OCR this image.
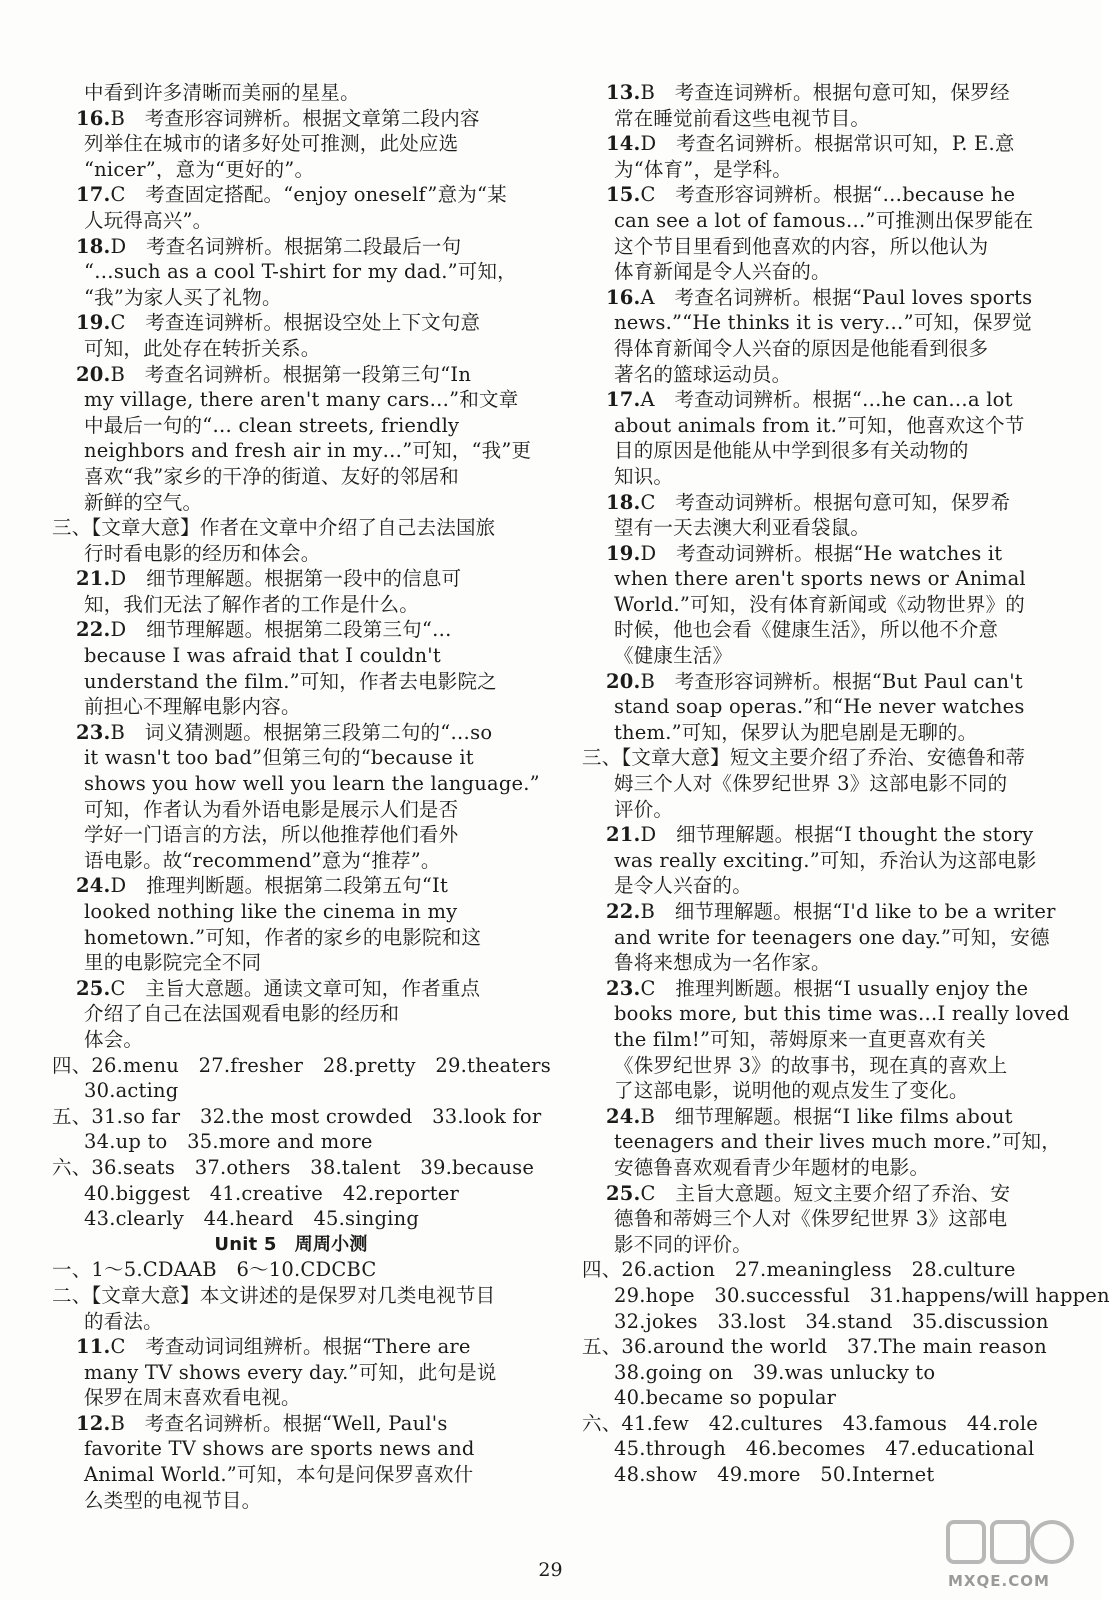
中看到许多清晰而美丽的星星。
16.B　考查形容词辨析。根据文章第二段内容
列举住在城市的诸多好处可推测，此处应选
“nicer”，意为“更好的”。
17.C　考查固定搭配。“enjoy oneself”意为“某
人玩得高兴”。
18.D　考查名词辨析。根据第二段最后一句
“…such as a cool T-shirt for my dad.”可知，
“我”为家人买了礼物。
19.C　考查连词辨析。根据设空处上下文句意
可知，此处存在转折关系。
20.B　考查名词辨析。根据第一段第三句“In
my village, there aren't many cars…”和文章
中最后一句的“… clean streets, friendly
neighbors and fresh air in my…”可知，“我”更
喜欢“我”家乡的干净的街道、友好的邻居和
新鲜的空气。
三、【文章大意】作者在文章中介绍了自己去法国旅
行时看电影的经历和体会。
21.D　细节理解题。根据第一段中的信息可
知，我们无法了解作者的工作是什么。
22.D　细节理解题。根据第二段第三句“…
because I was afraid that I couldn't
understand the film.”可知，作者去电影院之
前担心不理解电影内容。
23.B　词义猜测题。根据第三段第二句的“…so
it wasn't too bad”但第三句的“because it
shows you how well you learn the language.”
可知，作者认为看外语电影是展示人们是否
学好一门语言的方法，所以他推荐他们看外
语电影。故“recommend”意为“推荐”。
24.D　推理判断题。根据第二段第五句“It
looked nothing like the cinema in my
hometown.”可知，作者的家乡的电影院和这
里的电影院完全不同
25.C　主旨大意题。通读文章可知，作者重点
介绍了自己在法国观看电影的经历和
体会。
四、26.menu　27.fresher　28.pretty　29.theaters
30.acting
五、31.so far　32.the most crowded　33.look for
34.up to　35.more and more
六、36.seats　37.others　38.talent　39.because
40.biggest　41.creative　42.reporter
43.clearly　44.heard　45.singing
Unit 5　周周小测
一、1～5.CDAAB　6～10.CDCBC
二、【文章大意】本文讲述的是保罗对几类电视节目
的看法。
11.C　考查动词词组辨析。根据“There are
many TV shows every day.”可知，此句是说
保罗在周末喜欢看电视。
12.B　考查名词辨析。根据“Well, Paul's
favorite TV shows are sports news and
Animal World.”可知，本句是问保罗喜欢什
么类型的电视节目。
13.B　考查连词辨析。根据句意可知，保罗经
常在睡觉前看这些电视节目。
14.D　考查名词辨析。根据常识可知，P. E.意
为“体育”，是学科。
15.C　考查形容词辨析。根据“…because he
can see a lot of famous…”可推测出保罗能在
这个节目里看到他喜欢的内容，所以他认为
体育新闻是令人兴奋的。
16.A　考查名词辨析。根据“Paul loves sports
news.”“He thinks it is very…”可知，保罗觉
得体育新闻令人兴奋的原因是他能看到很多
著名的篮球运动员。
17.A　考查动词辨析。根据“…he can…a lot
about animals from it.”可知，他喜欢这个节
目的原因是他能从中学到很多有关动物的
知识。
18.C　考查动词辨析。根据句意可知，保罗希
望有一天去澳大利亚看袋鼠。
19.D　考查动词辨析。根据“He watches it
when there aren't sports news or Animal
World.”可知，没有体育新闻或《动物世界》的
时候，他也会看《健康生活》，所以他不介意
《健康生活》
20.B　考查形容词辨析。根据“But Paul can't
stand soap operas.”和“He never watches
them.”可知，保罗认为肥皂剧是无聊的。
三、【文章大意】短文主要介绍了乔治、安德鲁和蒂
姆三个人对《侏罗纪世界 3》这部电影不同的
评价。
21.D　细节理解题。根据“I thought the story
was really exciting.”可知，乔治认为这部电影
是令人兴奋的。
22.B　细节理解题。根据“I'd like to be a writer
and write for teenagers one day.”可知，安德
鲁将来想成为一名作家。
23.C　推理判断题。根据“I usually enjoy the
books more, but this time was…I really loved
the film!”可知，蒂姆原来一直更喜欢有关
《侏罗纪世界 3》的故事书，现在真的喜欢上
了这部电影，说明他的观点发生了变化。
24.B　细节理解题。根据“I like films about
teenagers and their lives much more.”可知，
安德鲁喜欢观看青少年题材的电影。
25.C　主旨大意题。短文主要介绍了乔治、安
德鲁和蒂姆三个人对《侏罗纪世界 3》这部电
影不同的评价。
四、26.action　27.meaningless　28.culture
29.hope　30.successful　31.happens/will happen
32.jokes　33.lost　34.stand　35.discussion
五、36.around the world　37.The main reason
38.going on　39.was unlucky to
40.became so popular
六、41.few　42.cultures　43.famous　44.role
45.through　46.becomes　47.educational
48.show　49.more　50.Internet
29	MXQE.COM
